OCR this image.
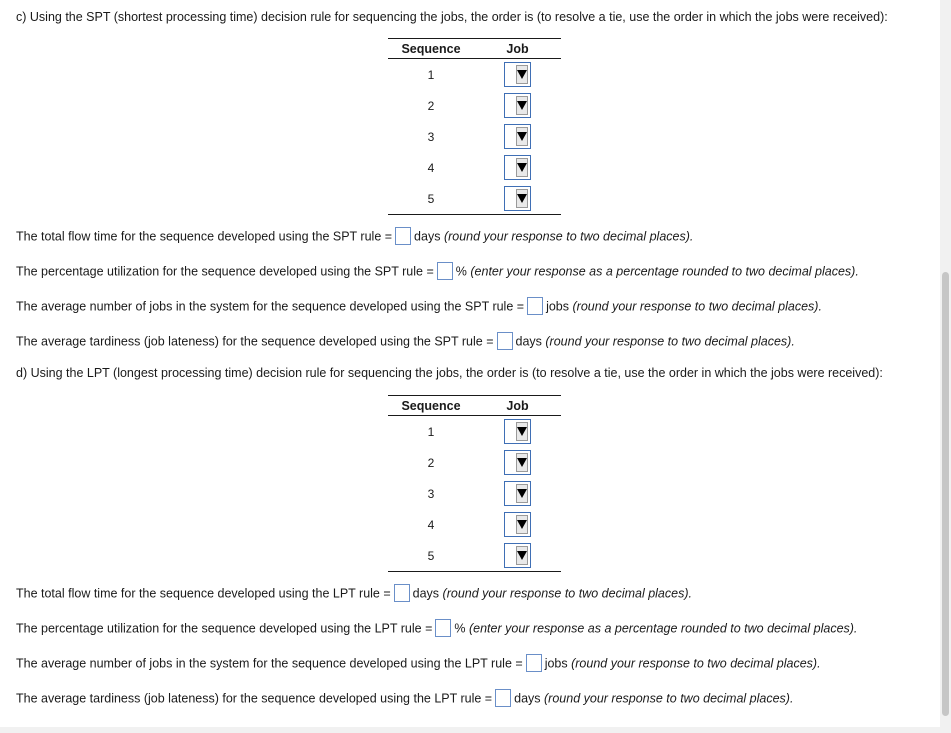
c) Using the SPT (shortest processing time) decision rule for sequencing the jobs, the order is (to resolve a tie, use the order in which the jobs were received):
Sequence	Job
1	

2	

3	

4	

5	
The total flow time for the sequence developed using the SPT rule = days (round your response to two decimal places).
The percentage utilization for the sequence developed using the SPT rule = % (enter your response as a percentage rounded to two decimal places).
The average number of jobs in the system for the sequence developed using the SPT rule = jobs (round your response to two decimal places).
The average tardiness (job lateness) for the sequence developed using the SPT rule = days (round your response to two decimal places).
d) Using the LPT (longest processing time) decision rule for sequencing the jobs, the order is (to resolve a tie, use the order in which the jobs were received):
Sequence	Job
1	

2	

3	

4	

5	
The total flow time for the sequence developed using the LPT rule = days (round your response to two decimal places).
The percentage utilization for the sequence developed using the LPT rule = % (enter your response as a percentage rounded to two decimal places).
The average number of jobs in the system for the sequence developed using the LPT rule = jobs (round your response to two decimal places).
The average tardiness (job lateness) for the sequence developed using the LPT rule = days (round your response to two decimal places).
